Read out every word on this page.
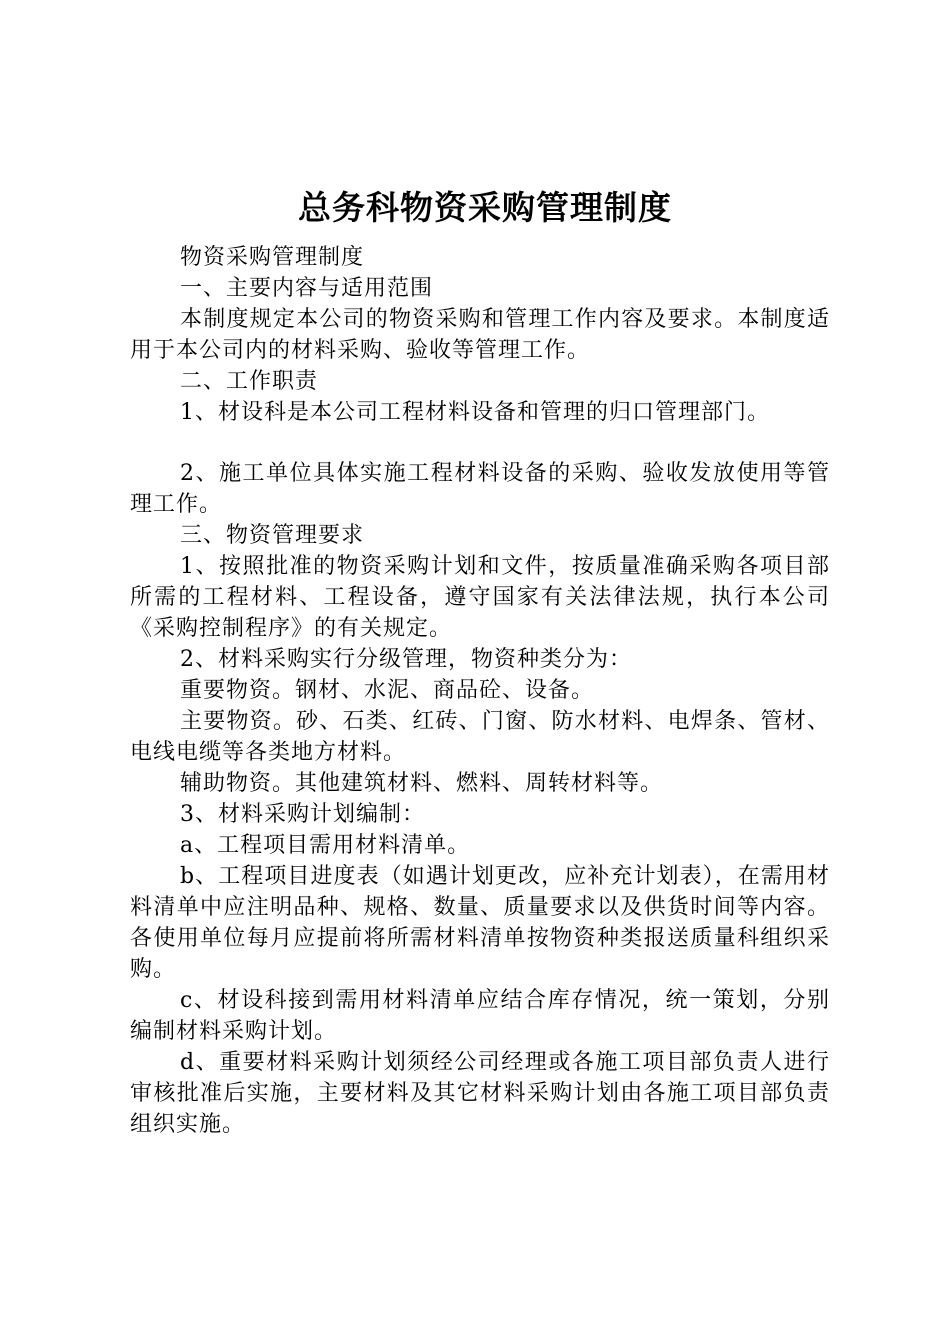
总务科物资采购管理制度

物资采购管理制度

一、主要内容与适用范围

本制度规定本公司的物资采购和管理工作内容及要求。本制度适用于本公司内的材料采购、验收等管理工作。

二、工作职责

1、材设科是本公司工程材料设备和管理的归口管理部门。

2、施工单位具体实施工程材料设备的采购、验收发放使用等管理工作。

三、物资管理要求

1、按照批准的物资采购计划和文件，按质量准确采购各项目部所需的工程材料、工程设备，遵守国家有关法律法规，执行本公司《采购控制程序》的有关规定。

2、材料采购实行分级管理，物资种类分为：

重要物资。钢材、水泥、商品砼、设备。

主要物资。砂、石类、红砖、门窗、防水材料、电焊条、管材、电线电缆等各类地方材料。

辅助物资。其他建筑材料、燃料、周转材料等。

3、材料采购计划编制：

a、工程项目需用材料清单。

b、工程项目进度表（如遇计划更改，应补充计划表），在需用材料清单中应注明品种、规格、数量、质量要求以及供货时间等内容。各使用单位每月应提前将所需材料清单按物资种类报送质量科组织采购。

c、材设科接到需用材料清单应结合库存情况，统一策划，分别编制材料采购计划。

d、重要材料采购计划须经公司经理或各施工项目部负责人进行审核批准后实施，主要材料及其它材料采购计划由各施工项目部负责组织实施。
